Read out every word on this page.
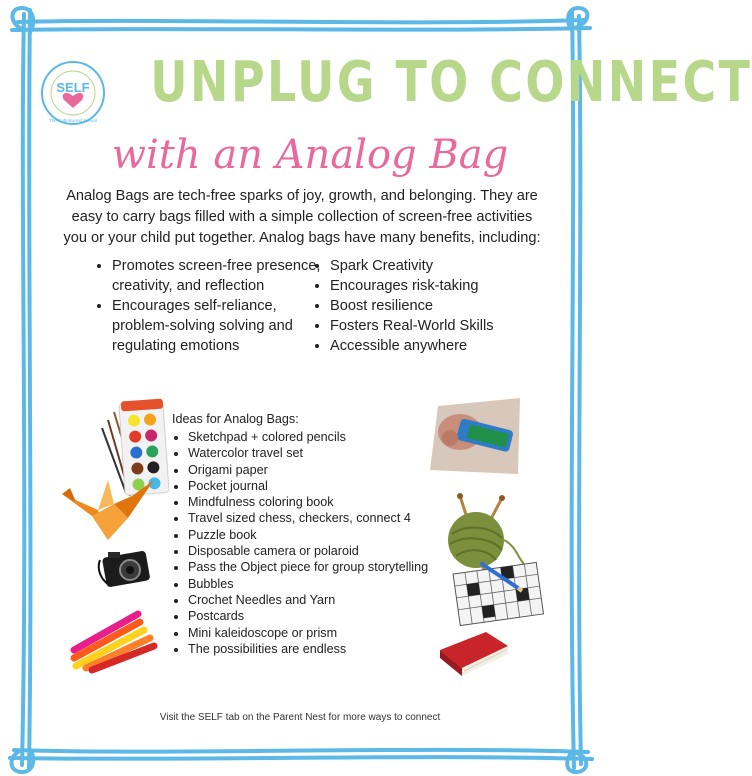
SELF
The Cottonwood School
UNPLUG TO CONNECT
with an Analog Bag

Analog Bags are tech-free sparks of joy, growth, and belonging. They are easy to carry bags filled with a simple collection of screen-free activities you or your child put together. Analog bags have many benefits, including:

• Promotes screen-free presence, creativity, and reflection
• Encourages self-reliance, problem-solving solving and regulating emotions
• Spark Creativity
• Encourages risk-taking
• Boost resilience
• Fosters Real-World Skills
• Accessible anywhere

Ideas for Analog Bags:

• Sketchpad + colored pencils
• Watercolor travel set
• Origami paper
• Pocket journal
• Mindfulness coloring book
• Travel sized chess, checkers, connect 4
• Puzzle book
• Disposable camera or polaroid
• Pass the Object piece for group storytelling
• Bubbles
• Crochet Needles and Yarn
• Postcards
• Mini kaleidoscope or prism
• The possibilities are endless
Visit the SELF tab on the Parent Nest for more ways to connect
